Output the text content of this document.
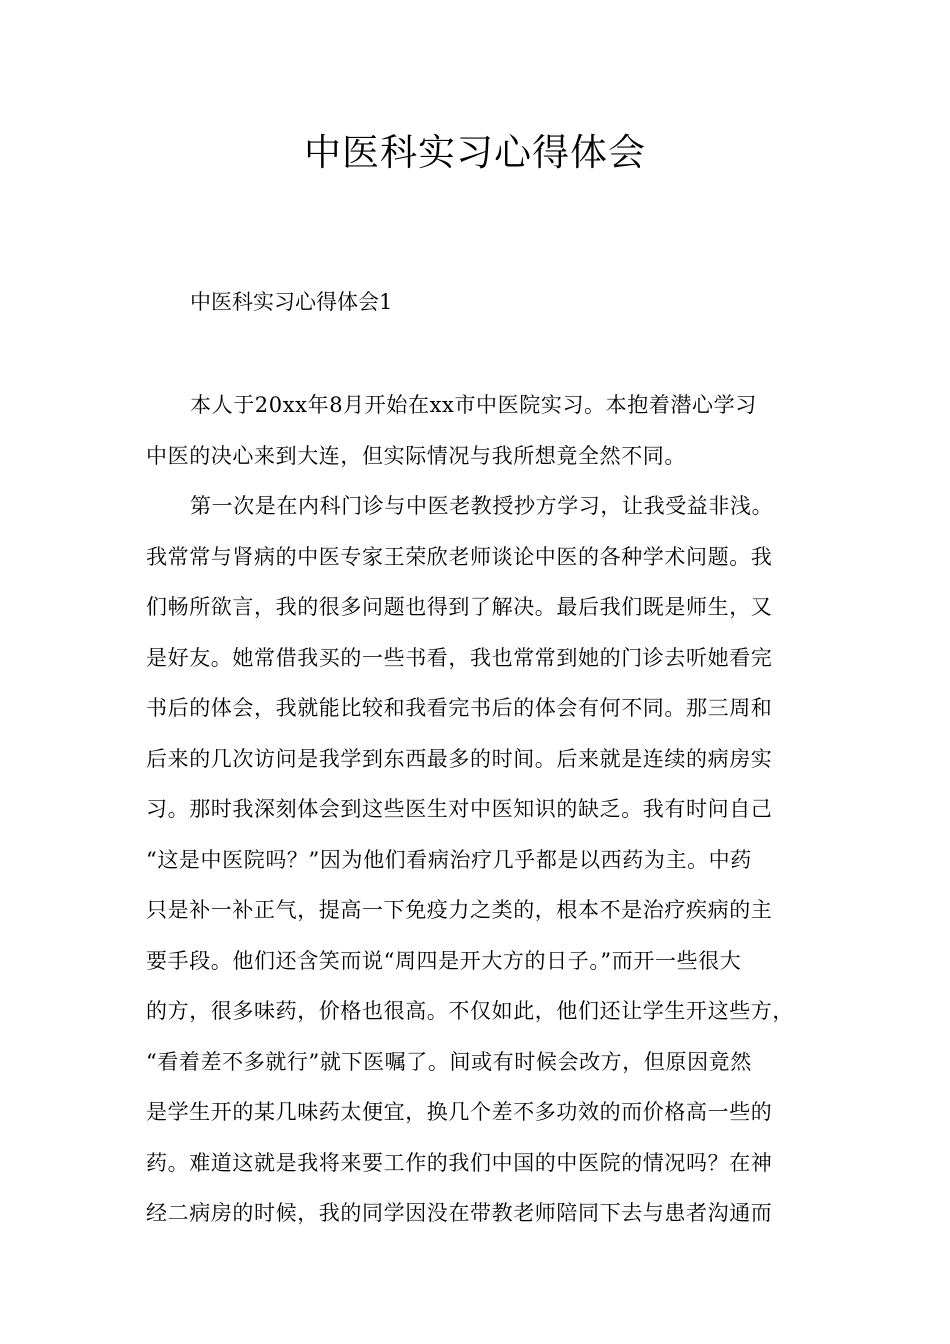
中医科实习心得体会
中医科实习心得体会1

本人于20xx年8月开始在xx市中医院实习。本抱着潜心学习
中医的决心来到大连，但实际情况与我所想竟全然不同。

第一次是在内科门诊与中医老教授抄方学习，让我受益非浅。
我常常与肾病的中医专家王荣欣老师谈论中医的各种学术问题。我
们畅所欲言，我的很多问题也得到了解决。最后我们既是师生，又
是好友。她常借我买的一些书看，我也常常到她的门诊去听她看完
书后的体会，我就能比较和我看完书后的体会有何不同。那三周和
后来的几次访问是我学到东西最多的时间。后来就是连续的病房实
习。那时我深刻体会到这些医生对中医知识的缺乏。我有时问自己
“这是中医院吗？”因为他们看病治疗几乎都是以西药为主。中药
只是补一补正气，提高一下免疫力之类的，根本不是治疗疾病的主
要手段。他们还含笑而说“周四是开大方的日子。”而开一些很大
的方，很多味药，价格也很高。不仅如此，他们还让学生开这些方，
“看着差不多就行”就下医嘱了。间或有时候会改方，但原因竟然
是学生开的某几味药太便宜，换几个差不多功效的而价格高一些的
药。难道这就是我将来要工作的我们中国的中医院的情况吗？在神
经二病房的时候，我的同学因没在带教老师陪同下去与患者沟通而
